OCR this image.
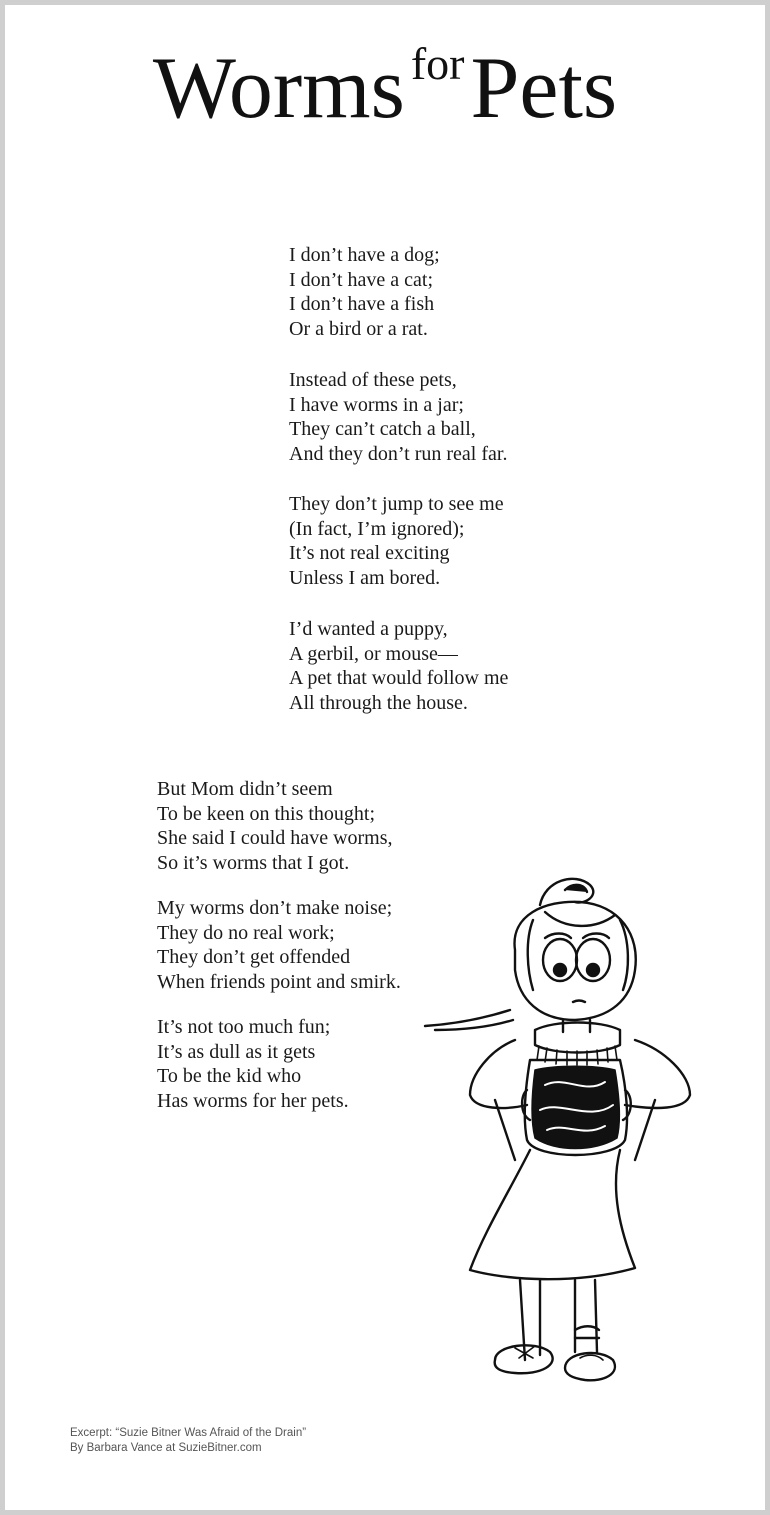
Worms forPets
I don’t have a dog;
I don’t have a cat;
I don’t have a fish
Or a bird or a rat.
Instead of these pets,
I have worms in a jar;
They can’t catch a ball,
And they don’t run real far.
They don’t jump to see me
(In fact, I’m ignored);
It’s not real exciting
Unless I am bored.
I’d wanted a puppy,
A gerbil, or mouse—
A pet that would follow me
All through the house.
But Mom didn’t seem
To be keen on this thought;
She said I could have worms,
So it’s worms that I got.
My worms don’t make noise;
They do no real work;
They don’t get offended
When friends point and smirk.
It’s not too much fun;
It’s as dull as it gets
To be the kid who
Has worms for her pets.
Excerpt: “Suzie Bitner Was Afraid of the Drain”
By Barbara Vance at SuzieBitner.com
